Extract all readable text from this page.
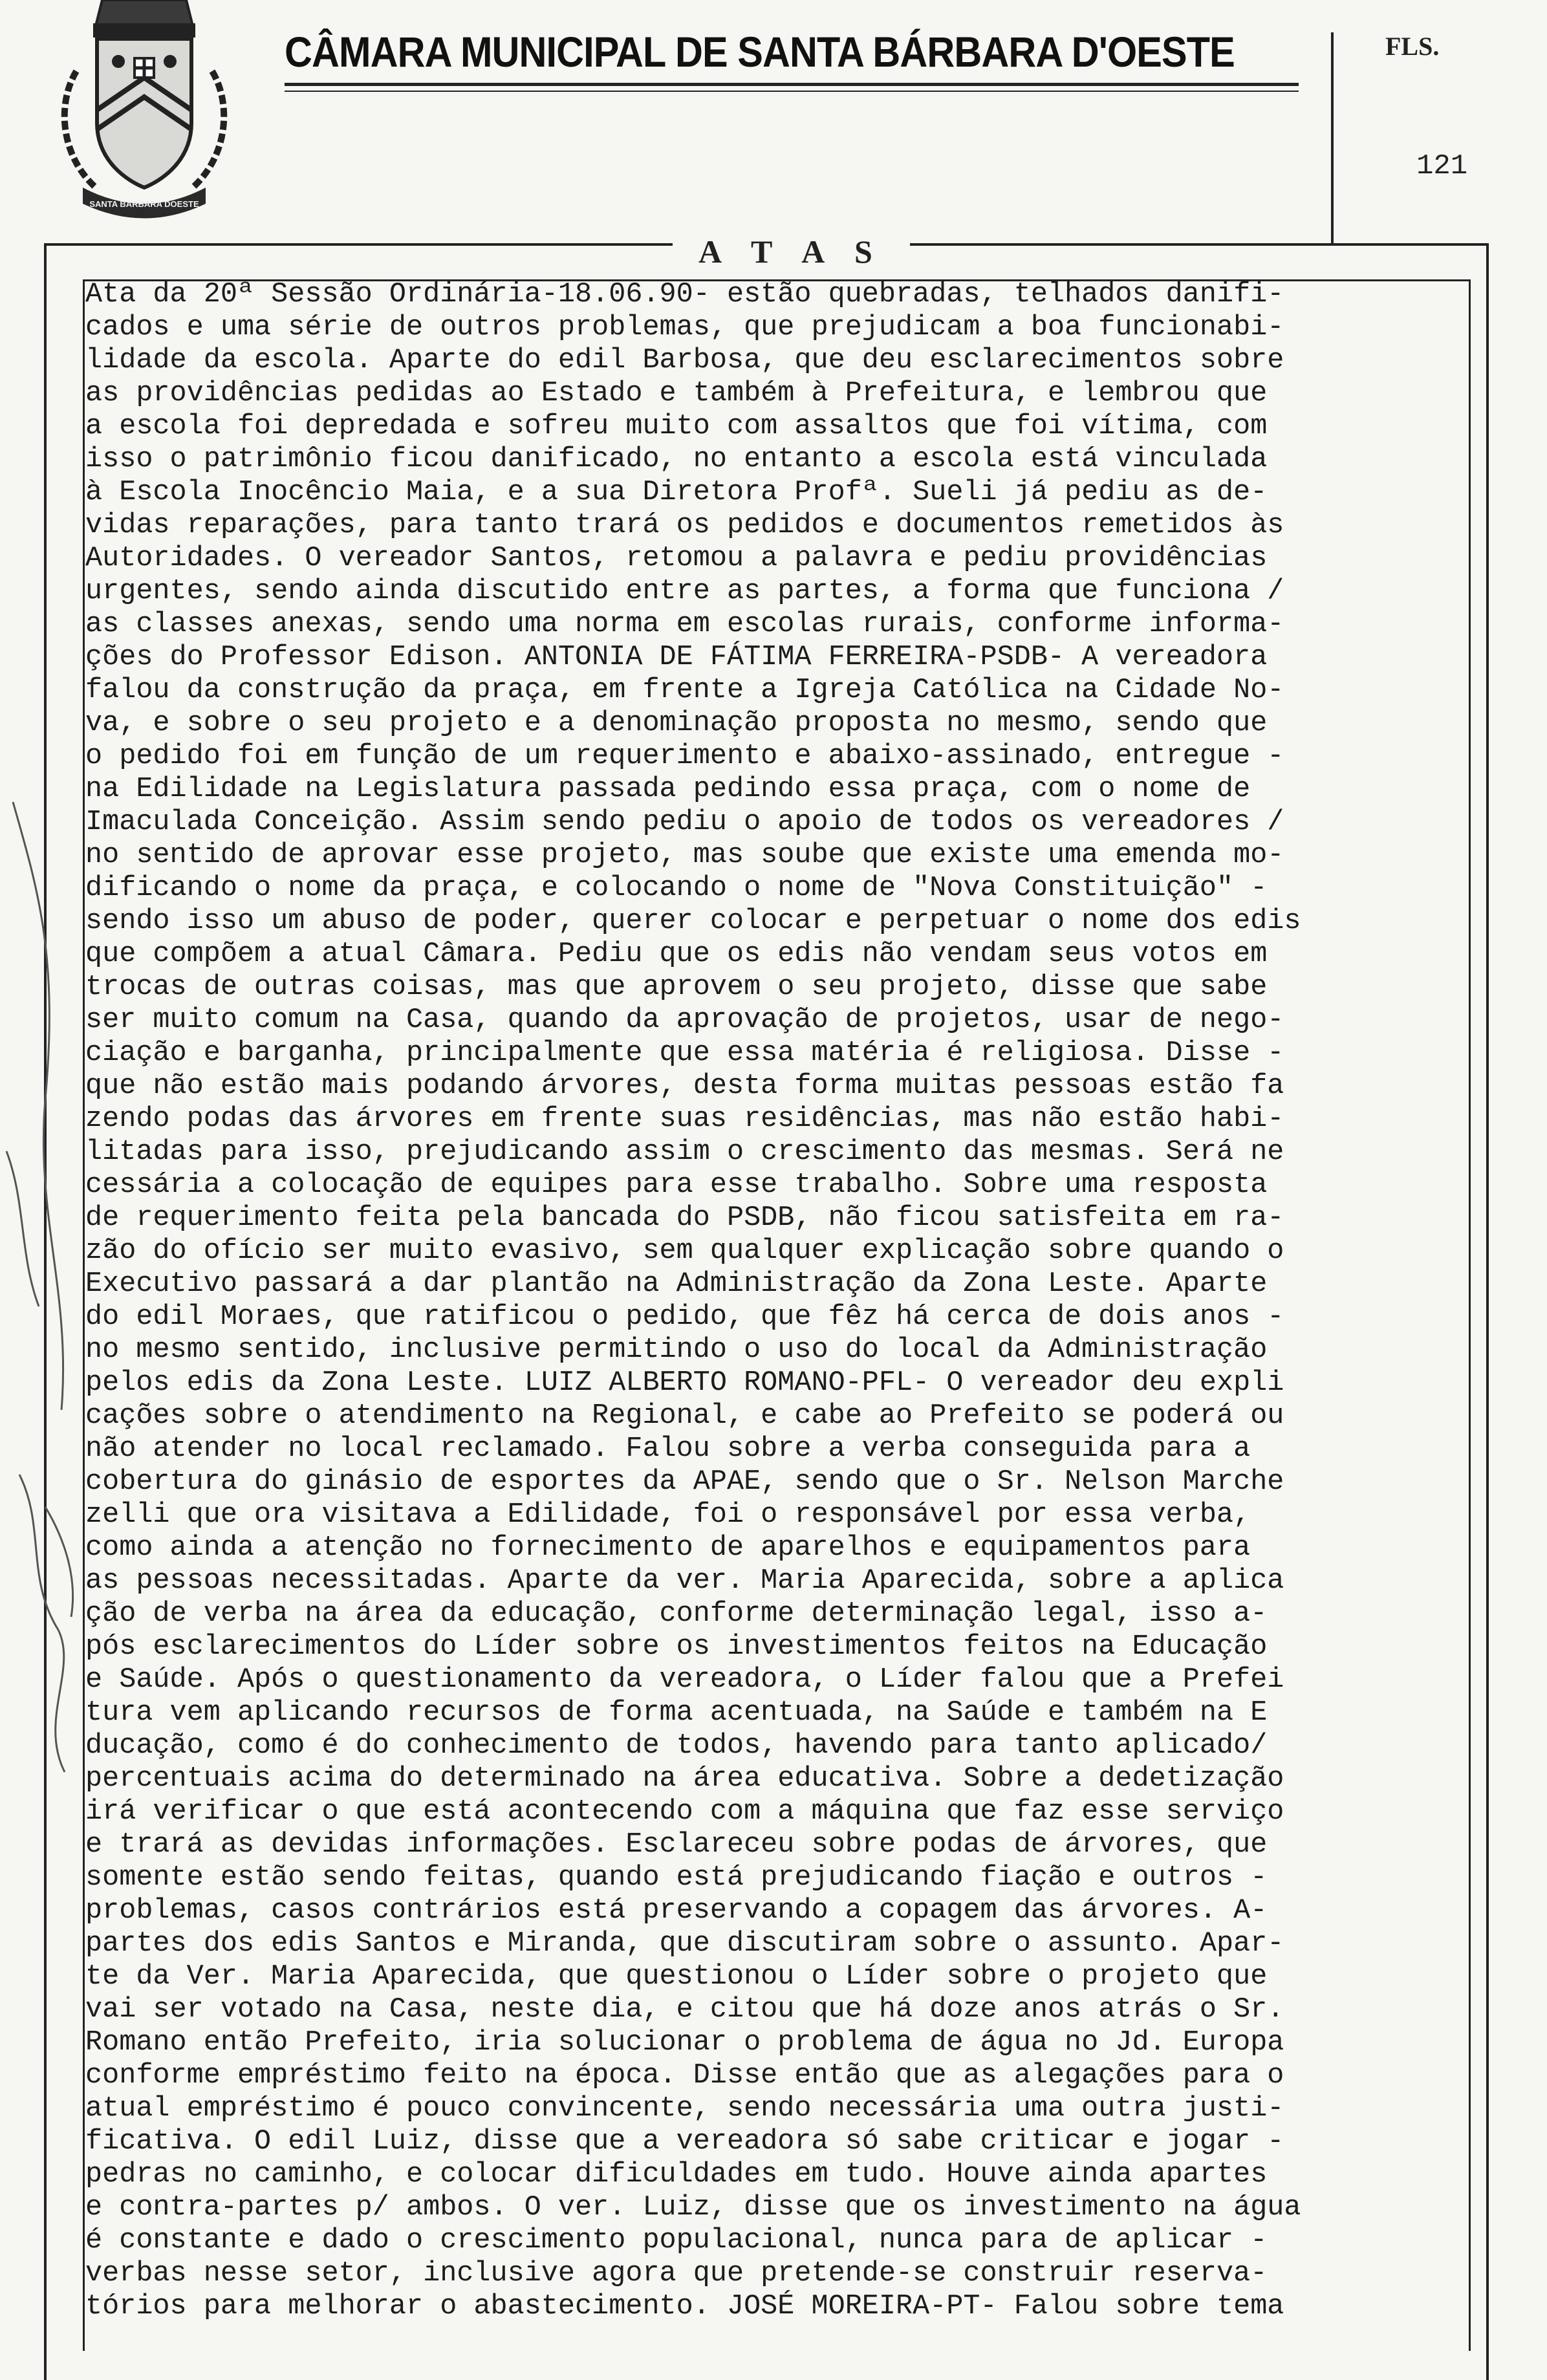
SANTA BARBARA DOESTE
CÂMARA MUNICIPAL DE SANTA BÁRBARA D'OESTE	FLS.
121
A T A S
Ata da 20ª Sessão Ordinária-18.06.90- estão quebradas, telhados danifi-
cados e uma série de outros problemas, que prejudicam a boa funcionabi-
lidade da escola. Aparte do edil Barbosa, que deu esclarecimentos sobre
as providências pedidas ao Estado e também à Prefeitura, e lembrou que
a escola foi depredada e sofreu muito com assaltos que foi vítima, com
isso o patrimônio ficou danificado, no entanto a escola está vinculada
à Escola Inocêncio Maia, e a sua Diretora Profª. Sueli já pediu as de-
vidas reparações, para tanto trará os pedidos e documentos remetidos às
Autoridades. O vereador Santos, retomou a palavra e pediu providências
urgentes, sendo ainda discutido entre as partes, a forma que funciona /
as classes anexas, sendo uma norma em escolas rurais, conforme informa-
ções do Professor Edison. ANTONIA DE FÁTIMA FERREIRA-PSDB- A vereadora
falou da construção da praça, em frente a Igreja Católica na Cidade No-
va, e sobre o seu projeto e a denominação proposta no mesmo, sendo que
o pedido foi em função de um requerimento e abaixo-assinado, entregue -
na Edilidade na Legislatura passada pedindo essa praça, com o nome de
Imaculada Conceição. Assim sendo pediu o apoio de todos os vereadores /
no sentido de aprovar esse projeto, mas soube que existe uma emenda mo-
dificando o nome da praça, e colocando o nome de "Nova Constituição" -
sendo isso um abuso de poder, querer colocar e perpetuar o nome dos edis
que compõem a atual Câmara. Pediu que os edis não vendam seus votos em
trocas de outras coisas, mas que aprovem o seu projeto, disse que sabe
ser muito comum na Casa, quando da aprovação de projetos, usar de nego-
ciação e barganha, principalmente que essa matéria é religiosa. Disse -
que não estão mais podando árvores, desta forma muitas pessoas estão fa
zendo podas das árvores em frente suas residências, mas não estão habi-
litadas para isso, prejudicando assim o crescimento das mesmas. Será ne
cessária a colocação de equipes para esse trabalho. Sobre uma resposta
de requerimento feita pela bancada do PSDB, não ficou satisfeita em ra-
zão do ofício ser muito evasivo, sem qualquer explicação sobre quando o
Executivo passará a dar plantão na Administração da Zona Leste. Aparte
do edil Moraes, que ratificou o pedido, que fêz há cerca de dois anos -
no mesmo sentido, inclusive permitindo o uso do local da Administração
pelos edis da Zona Leste. LUIZ ALBERTO ROMANO-PFL- O vereador deu expli
cações sobre o atendimento na Regional, e cabe ao Prefeito se poderá ou
não atender no local reclamado. Falou sobre a verba conseguida para a
cobertura do ginásio de esportes da APAE, sendo que o Sr. Nelson Marche
zelli que ora visitava a Edilidade, foi o responsável por essa verba,
como ainda a atenção no fornecimento de aparelhos e equipamentos para
as pessoas necessitadas. Aparte da ver. Maria Aparecida, sobre a aplica
ção de verba na área da educação, conforme determinação legal, isso a-
pós esclarecimentos do Líder sobre os investimentos feitos na Educação
e Saúde. Após o questionamento da vereadora, o Líder falou que a Prefei
tura vem aplicando recursos de forma acentuada, na Saúde e também na E
ducação, como é do conhecimento de todos, havendo para tanto aplicado/
percentuais acima do determinado na área educativa. Sobre a dedetização
irá verificar o que está acontecendo com a máquina que faz esse serviço
e trará as devidas informações. Esclareceu sobre podas de árvores, que
somente estão sendo feitas, quando está prejudicando fiação e outros -
problemas, casos contrários está preservando a copagem das árvores. A-
partes dos edis Santos e Miranda, que discutiram sobre o assunto. Apar-
te da Ver. Maria Aparecida, que questionou o Líder sobre o projeto que
vai ser votado na Casa, neste dia, e citou que há doze anos atrás o Sr.
Romano então Prefeito, iria solucionar o problema de água no Jd. Europa
conforme empréstimo feito na época. Disse então que as alegações para o
atual empréstimo é pouco convincente, sendo necessária uma outra justi-
ficativa. O edil Luiz, disse que a vereadora só sabe criticar e jogar -
pedras no caminho, e colocar dificuldades em tudo. Houve ainda apartes
e contra-partes p/ ambos. O ver. Luiz, disse que os investimento na água
é constante e dado o crescimento populacional, nunca para de aplicar -
verbas nesse setor, inclusive agora que pretende-se construir reserva-
tórios para melhorar o abastecimento. JOSÉ MOREIRA-PT- Falou sobre tema
